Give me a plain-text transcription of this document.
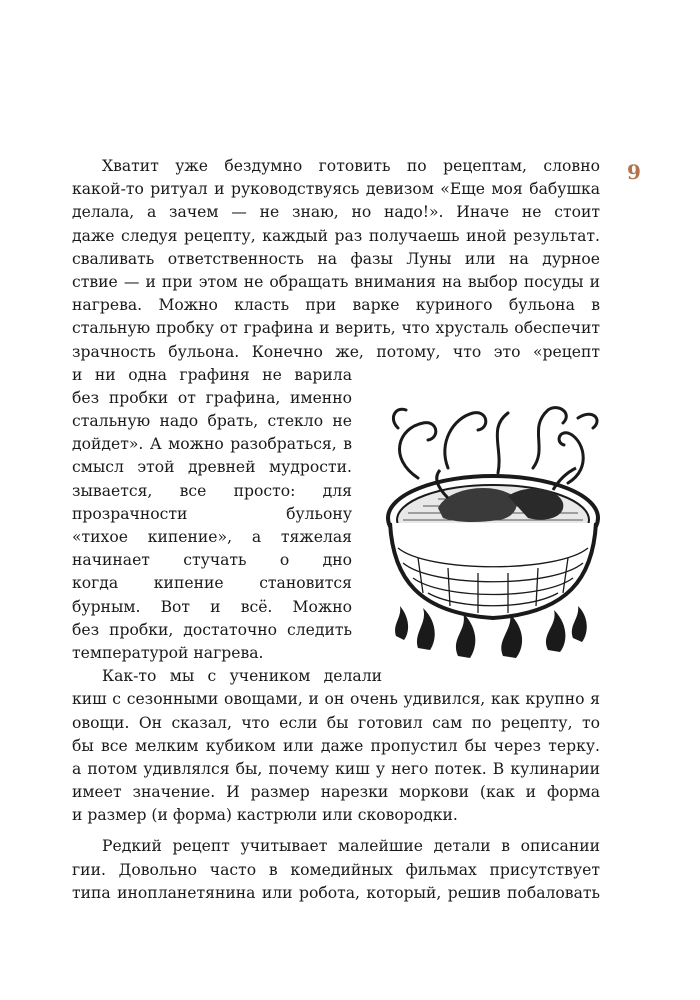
9
Хватит уже бездумно готовить по рецептам, словно
какой-то ритуал и руководствуясь девизом «Еще моя бабушка
делала, а зачем — не знаю, но надо!». Иначе не стоит
даже следуя рецепту, каждый раз получаешь иной результат.
сваливать ответственность на фазы Луны или на дурное
ствие — и при этом не обращать внимания на выбор посуды и
нагрева. Можно класть при варке куриного бульона в
стальную пробку от графина и верить, что хрусталь обеспечит
зрачность бульона. Конечно же, потому, что это «рецепт
и ни одна графиня не варила
без пробки от графина, именно
стальную надо брать, стекло не
дойдет». А можно разобраться, в
смысл этой древней мудрости.
зывается, все просто: для
прозрачности бульону
«тихое кипение», а тяжелая
начинает стучать о дно
когда кипение становится
бурным. Вот и всё. Можно
без пробки, достаточно следить
температурой нагрева.
Как-то мы с учеником делали
киш с сезонными овощами, и он очень удивился, как крупно я
овощи. Он сказал, что если бы готовил сам по рецепту, то
бы все мелким кубиком или даже пропустил бы через терку.
а потом удивлялся бы, почему киш у него потек. В кулинарии
имеет значение. И размер нарезки моркови (как и форма
и размер (и форма) кастрюли или сковородки.
Редкий рецепт учитывает малейшие детали в описании
гии. Довольно часто в комедийных фильмах присутствует
типа инопланетянина или робота, который, решив побаловать
